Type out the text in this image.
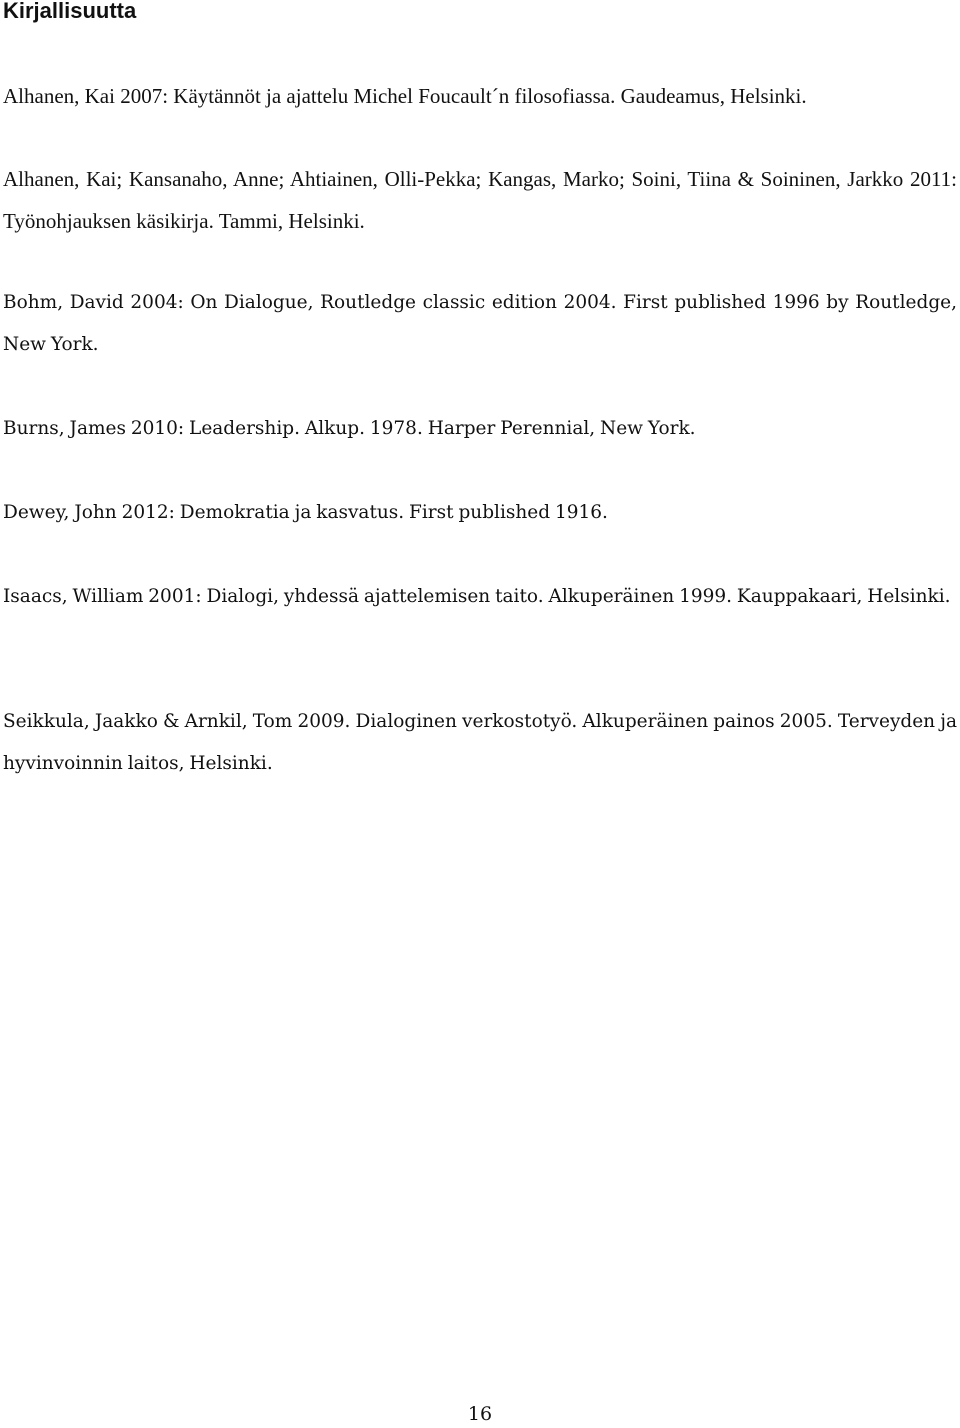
Kirjallisuutta

Alhanen, Kai 2007: Käytännöt ja ajattelu Michel Foucault´n filosofiassa. Gaudeamus, Helsinki.

Alhanen, Kai; Kansanaho, Anne; Ahtiainen, Olli-Pekka; Kangas, Marko; Soini, Tiina & Soininen, Jarkko 2011: Työnohjauksen käsikirja. Tammi, Helsinki.

Bohm, David 2004: On Dialogue, Routledge classic edition 2004. First published 1996 by Routledge, New York.

Burns, James 2010: Leadership. Alkup. 1978. Harper Perennial, New York.

Dewey, John 2012: Demokratia ja kasvatus. First published 1916.

Isaacs, William 2001: Dialogi, yhdessä ajattelemisen taito. Alkuperäinen 1999. Kauppakaari, Helsinki.

Seikkula, Jaakko & Arnkil, Tom 2009. Dialoginen verkostotyö. Alkuperäinen painos 2005. Terveyden ja hyvinvoinnin laitos, Helsinki.

16
